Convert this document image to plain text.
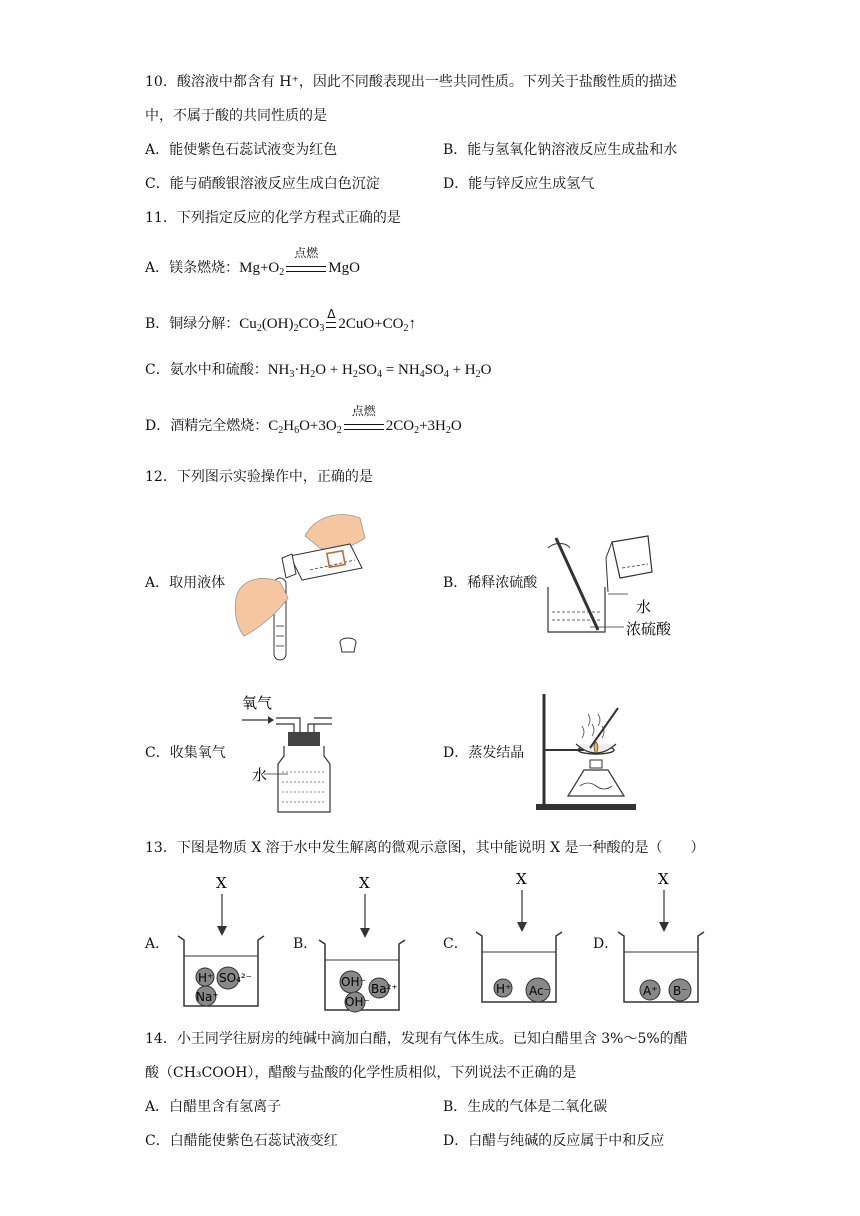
10．酸溶液中都含有 H⁺，因此不同酸表现出一些共同性质。下列关于盐酸性质的描述
中，不属于酸的共同性质的是
A．能使紫色石蕊试液变为红色	B．能与氢氧化钠溶液反应生成盐和水
C．能与硝酸银溶液反应生成白色沉淀	D．能与锌反应生成氢气
11．下列指定反应的化学方程式正确的是
A．镁条燃烧：$Mg+O_2$
点燃
MgO
B．铜绿分解：$Cu_2(OH)_2CO_3$
Δ
$2CuO+CO_2↑$
C．氨水中和硫酸：$NH_3\cdot H_2O + H_2SO_4 = NH_4SO_4 + H_2O$
D．酒精完全燃烧：$C_2H_6O+3O_2$
点燃
$2CO_2+3H_2O$
12．下列图示实验操作中，正确的是
A．取用液体	B．稀释浓硫酸
水
浓硫酸
C．收集氧气
氧气
水
D．蒸发结晶
13．下图是物质 X 溶于水中发生解离的微观示意图，其中能说明 X 是一种酸的是（　　）
A．
X
H⁺ SO₄²⁻
Na⁺
B．
X
OH⁻ Ba²⁺
OH⁻
C．
X
H⁺ Ac⁻
D．
X
A⁺ B⁻
14．小王同学往厨房的纯碱中滴加白醋，发现有气体生成。已知白醋里含 3%～5%的醋
酸（CH₃COOH），醋酸与盐酸的化学性质相似，下列说法不正确的是
A．白醋里含有氢离子	B．生成的气体是二氧化碳
C．白醋能使紫色石蕊试液变红	D．白醋与纯碱的反应属于中和反应
